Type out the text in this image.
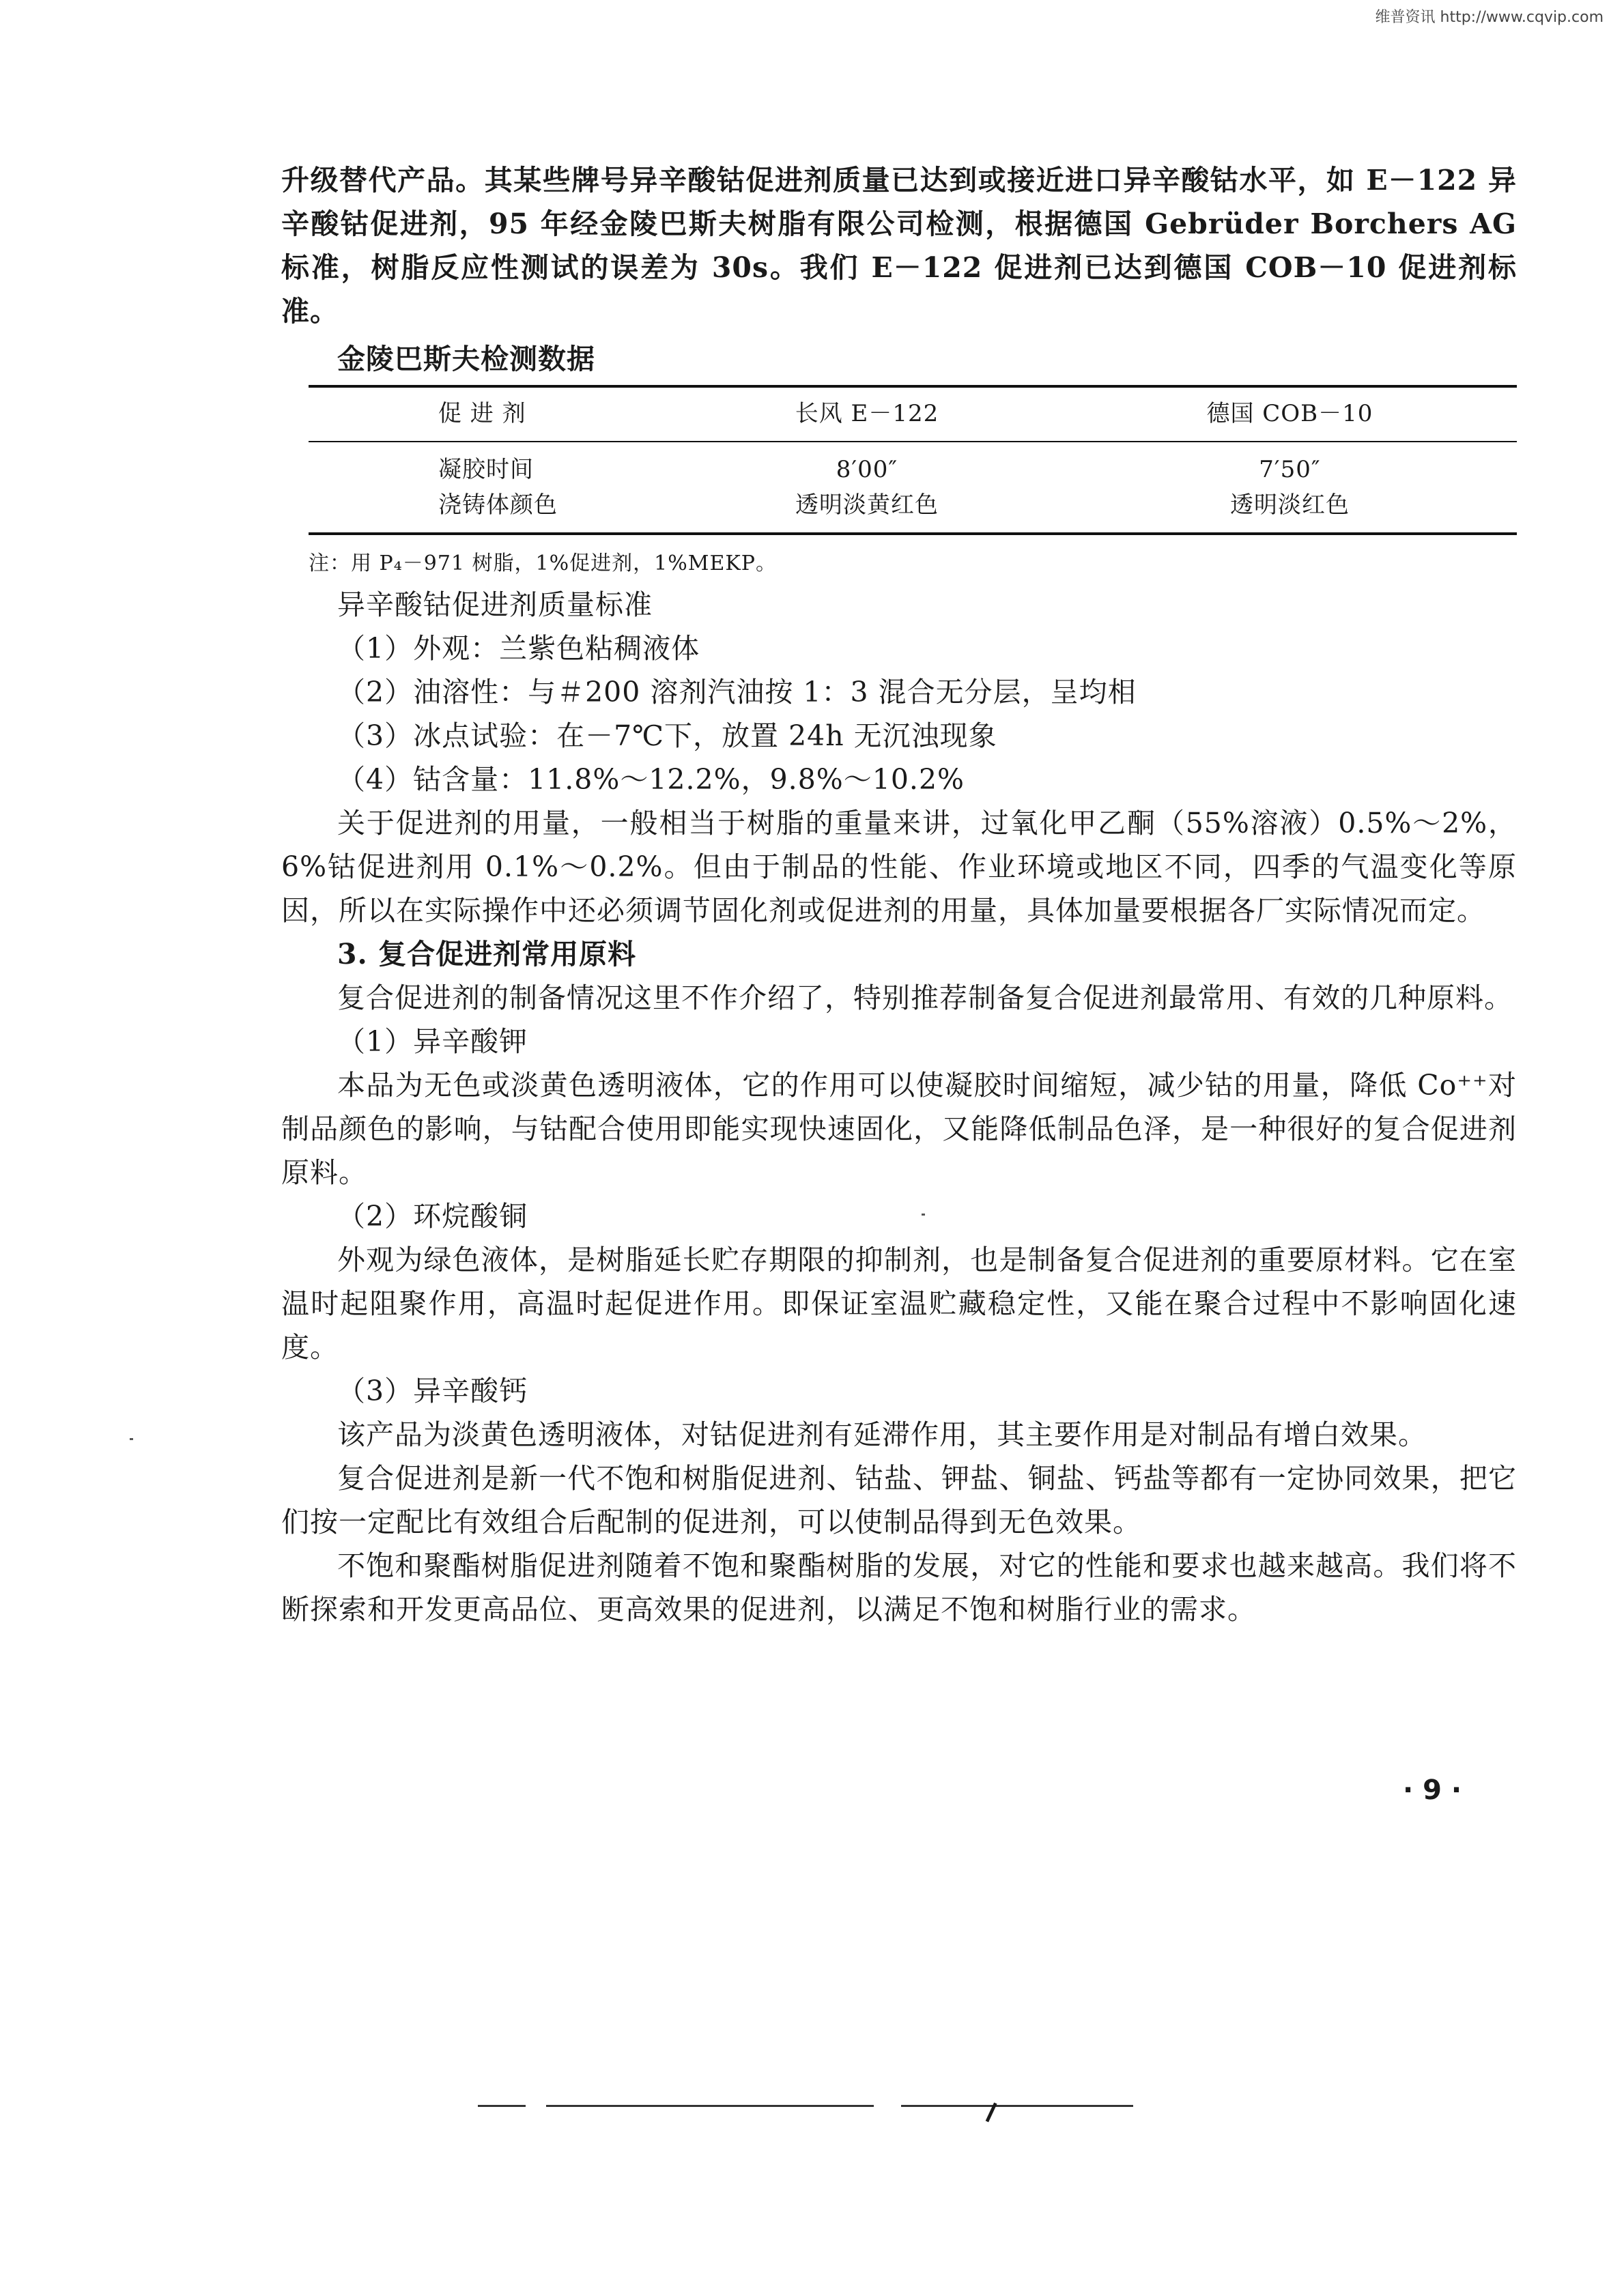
维普资讯 http://www.cqvip.com

升级替代产品。其某些牌号异辛酸钴促进剂质量已达到或接近进口异辛酸钴水平，如 E－122 异辛酸钴促进剂，95 年经金陵巴斯夫树脂有限公司检测，根据德国 Gebrüder Borchers AG 标准，树脂反应性测试的误差为 30s。我们 E－122 促进剂已达到德国 COB－10 促进剂标准。

金陵巴斯夫检测数据
促 进 剂	长风 E－122	德国 COB－10
凝胶时间	8′00″	7′50″
浇铸体颜色	透明淡黄红色	透明淡红色
注：用 P₄－971 树脂，1%促进剂，1%MEKP。
异辛酸钴促进剂质量标准
（1）外观：兰紫色粘稠液体
（2）油溶性：与＃200 溶剂汽油按 1：3 混合无分层，呈均相
（3）冰点试验：在－7℃下，放置 24h 无沉浊现象
（4）钴含量：11.8%～12.2%，9.8%～10.2%

关于促进剂的用量，一般相当于树脂的重量来讲，过氧化甲乙酮（55%溶液）0.5%～2%，6%钴促进剂用 0.1%～0.2%。但由于制品的性能、作业环境或地区不同，四季的气温变化等原因，所以在实际操作中还必须调节固化剂或促进剂的用量，具体加量要根据各厂实际情况而定。

3. 复合促进剂常用原料

复合促进剂的制备情况这里不作介绍了，特别推荐制备复合促进剂最常用、有效的几种原料。

（1）异辛酸钾

本品为无色或淡黄色透明液体，它的作用可以使凝胶时间缩短，减少钴的用量，降低 Co⁺⁺对制品颜色的影响，与钴配合使用即能实现快速固化，又能降低制品色泽，是一种很好的复合促进剂原料。

（2）环烷酸铜

外观为绿色液体，是树脂延长贮存期限的抑制剂，也是制备复合促进剂的重要原材料。它在室温时起阻聚作用，高温时起促进作用。即保证室温贮藏稳定性，又能在聚合过程中不影响固化速度。

（3）异辛酸钙

该产品为淡黄色透明液体，对钴促进剂有延滞作用，其主要作用是对制品有增白效果。

复合促进剂是新一代不饱和树脂促进剂、钴盐、钾盐、铜盐、钙盐等都有一定协同效果，把它们按一定配比有效组合后配制的促进剂，可以使制品得到无色效果。

不饱和聚酯树脂促进剂随着不饱和聚酯树脂的发展，对它的性能和要求也越来越高。我们将不断探索和开发更高品位、更高效果的促进剂，以满足不饱和树脂行业的需求。

· 9 ·
⸝
